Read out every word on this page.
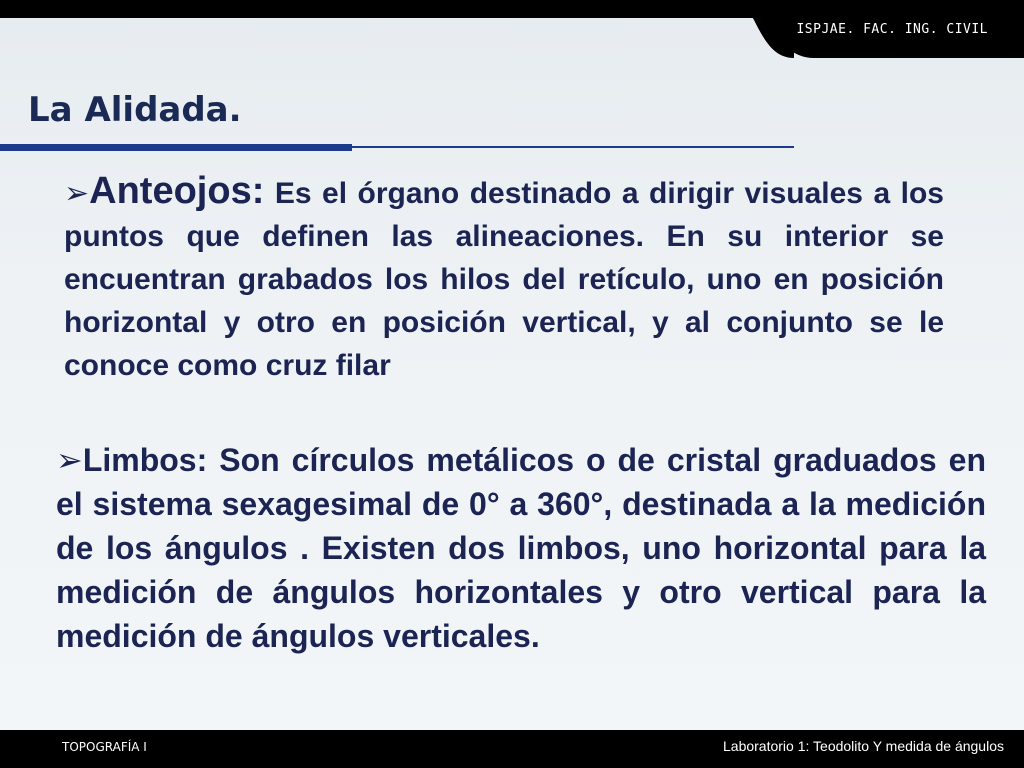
La Alidada.
➢Anteojos: Es el órgano destinado a dirigir visuales a los puntos que definen las alineaciones. En su interior se encuentran grabados los hilos del retículo, uno en posición horizontal y otro en posición vertical, y al conjunto se le conoce como cruz filar
➢Limbos: Son círculos metálicos o de cristal graduados en el sistema sexagesimal de 0° a 360°, destinada a la medición de los ángulos . Existen dos limbos, uno horizontal para la medición de ángulos horizontales y otro vertical para la medición de ángulos verticales.
ISPJAE. FAC. ING. CIVIL
TOPOGRAFÍA I	Laboratorio 1: Teodolito Y medida de ángulos
